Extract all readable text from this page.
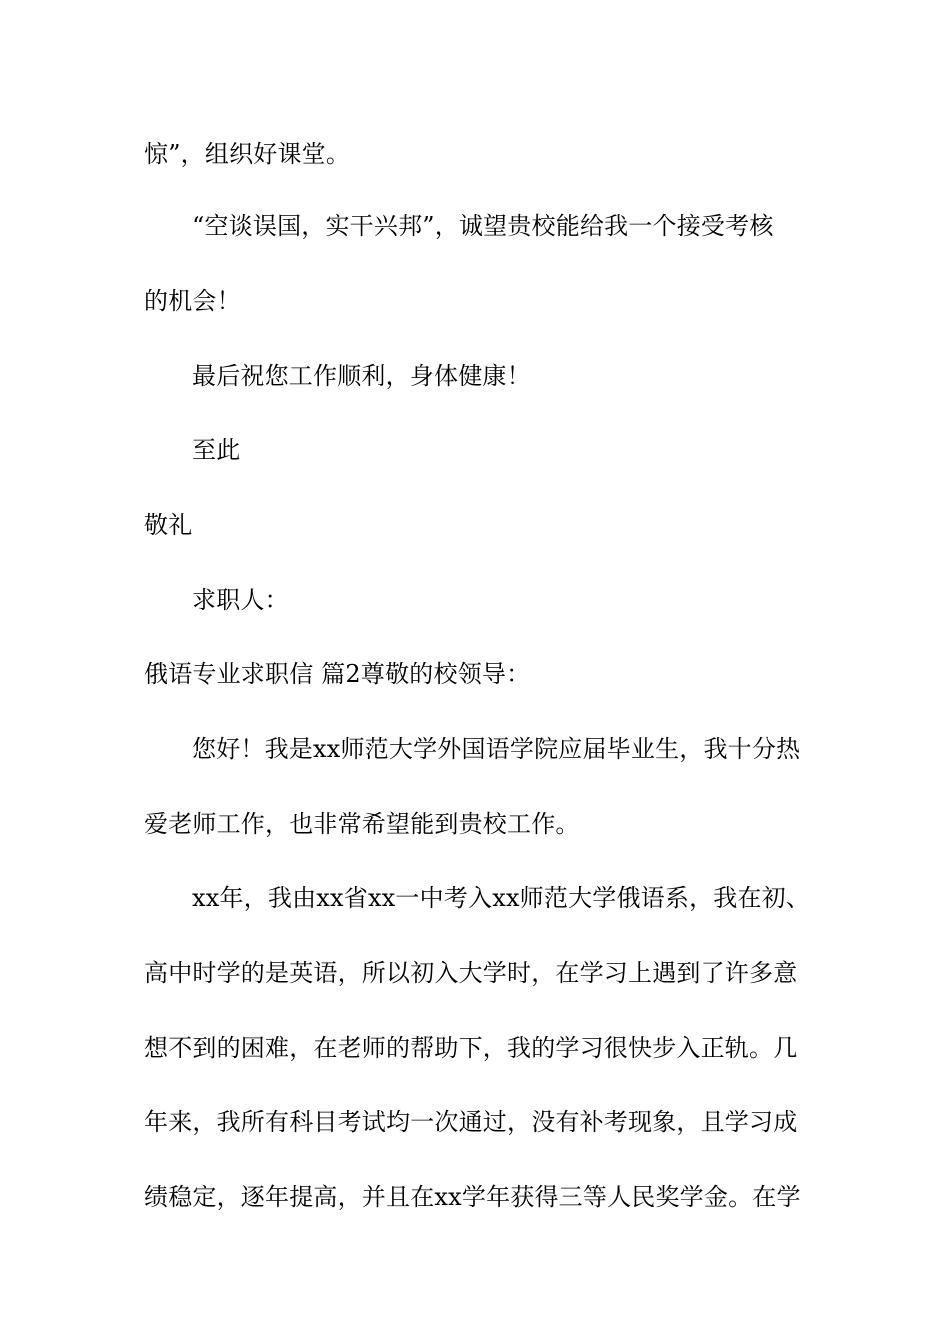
惊”，组织好课堂。
“空谈误国，实干兴邦”，诚望贵校能给我一个接受考核
的机会！
最后祝您工作顺利，身体健康！
至此
敬礼
求职人：
俄语专业求职信 篇2尊敬的校领导：
您好！我是xx师范大学外国语学院应届毕业生，我十分热
爱老师工作，也非常希望能到贵校工作。
xx年，我由xx省xx一中考入xx师范大学俄语系，我在初、
高中时学的是英语，所以初入大学时，在学习上遇到了许多意
想不到的困难，在老师的帮助下，我的学习很快步入正轨。几
年来，我所有科目考试均一次通过，没有补考现象，且学习成
绩稳定，逐年提高，并且在xx学年获得三等人民奖学金。在学
